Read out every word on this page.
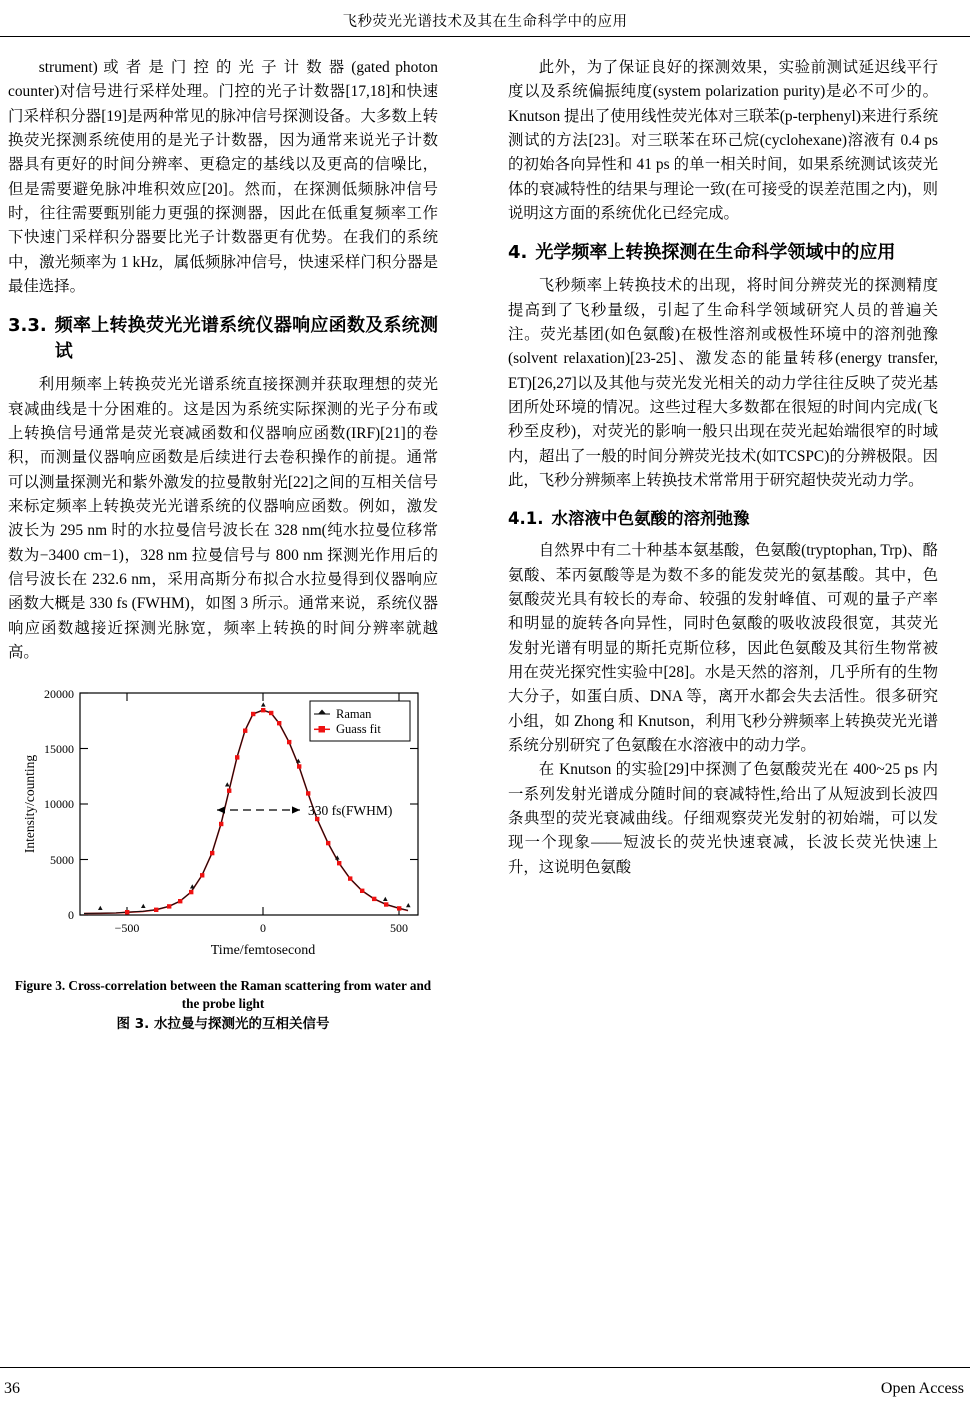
飞秒荧光光谱技术及其在生命科学中的应用

strument) 或 者 是 门 控 的 光 子 计 数 器 (gated photon counter)对信号进行采样处理。门控的光子计数器[17,18]和快速门采样积分器[19]是两种常见的脉冲信号探测设备。大多数上转换荧光探测系统使用的是光子计数器，因为通常来说光子计数器具有更好的时间分辨率、更稳定的基线以及更高的信噪比，但是需要避免脉冲堆积效应[20]。然而，在探测低频脉冲信号时，往往需要甄别能力更强的探测器，因此在低重复频率工作下快速门采样积分器要比光子计数器更有优势。在我们的系统中，激光频率为 1 kHz，属低频脉冲信号，快速采样门积分器是最佳选择。

3.3. 频率上转换荧光光谱系统仪器响应函数及系统测试

利用频率上转换荧光光谱系统直接探测并获取理想的荧光衰减曲线是十分困难的。这是因为系统实际探测的光子分布或上转换信号通常是荧光衰减函数和仪器响应函数(IRF)[21]的卷积，而测量仪器响应函数是后续进行去卷积操作的前提。通常可以测量探测光和紫外激发的拉曼散射光[22]之间的互相关信号来标定频率上转换荧光光谱系统的仪器响应函数。例如，激发波长为 295 nm 时的水拉曼信号波长在 328 nm(纯水拉曼位移常数为−3400 cm−1)，328 nm 拉曼信号与 800 nm 探测光作用后的信号波长在 232.6 nm，采用高斯分布拟合水拉曼得到仪器响应函数大概是 330 fs (FWHM)，如图 3 所示。通常来说，系统仪器响应函数越接近探测光脉宽，频率上转换的时间分辨率就越高。

0
5000
10000
15000
20000
−500	0	500
Time/femtosecond
Intensity/counting	330 fs(FWHM)
Raman
Guass fit
Figure 3. Cross-correlation between the Raman scattering from water and the probe light
图 3. 水拉曼与探测光的互相关信号

此外，为了保证良好的探测效果，实验前测试延迟线平行度以及系统偏振纯度(system polarization purity)是必不可少的。Knutson 提出了使用线性荧光体对三联苯(p-terphenyl)来进行系统测试的方法[23]。对三联苯在环己烷(cyclohexane)溶液有 0.4 ps 的初始各向异性和 41 ps 的单一相关时间，如果系统测试该荧光体的衰减特性的结果与理论一致(在可接受的误差范围之内)，则说明这方面的系统优化已经完成。

4. 光学频率上转换探测在生命科学领域中的应用

飞秒频率上转换技术的出现，将时间分辨荧光的探测精度提高到了飞秒量级，引起了生命科学领域研究人员的普遍关注。荧光基团(如色氨酸)在极性溶剂或极性环境中的溶剂弛豫(solvent relaxation)[23-25]、激发态的能量转移(energy transfer, ET)[26,27]以及其他与荧光发光相关的动力学往往反映了荧光基团所处环境的情况。这些过程大多数都在很短的时间内完成(飞秒至皮秒)，对荧光的影响一般只出现在荧光起始端很窄的时域内，超出了一般的时间分辨荧光技术(如TCSPC)的分辨极限。因此，飞秒分辨频率上转换技术常常用于研究超快荧光动力学。

4.1. 水溶液中色氨酸的溶剂弛豫

自然界中有二十种基本氨基酸，色氨酸(tryptophan, Trp)、酪氨酸、苯丙氨酸等是为数不多的能发荧光的氨基酸。其中，色氨酸荧光具有较长的寿命、较强的发射峰值、可观的量子产率和明显的旋转各向异性，同时色氨酸的吸收波段很宽，其荧光发射光谱有明显的斯托克斯位移，因此色氨酸及其衍生物常被用在荧光探究性实验中[28]。水是天然的溶剂，几乎所有的生物大分子，如蛋白质、DNA 等，离开水都会失去活性。很多研究小组，如 Zhong 和 Knutson，利用飞秒分辨频率上转换荧光光谱系统分别研究了色氨酸在水溶液中的动力学。

在 Knutson 的实验[29]中探测了色氨酸荧光在 400~25 ps 内一系列发射光谱成分随时间的衰减特性,给出了从短波到长波四条典型的荧光衰减曲线。仔细观察荧光发射的初始端，可以发现一个现象——短波长的荧光快速衰减，长波长荧光快速上升，这说明色氨酸

36	Open Access
